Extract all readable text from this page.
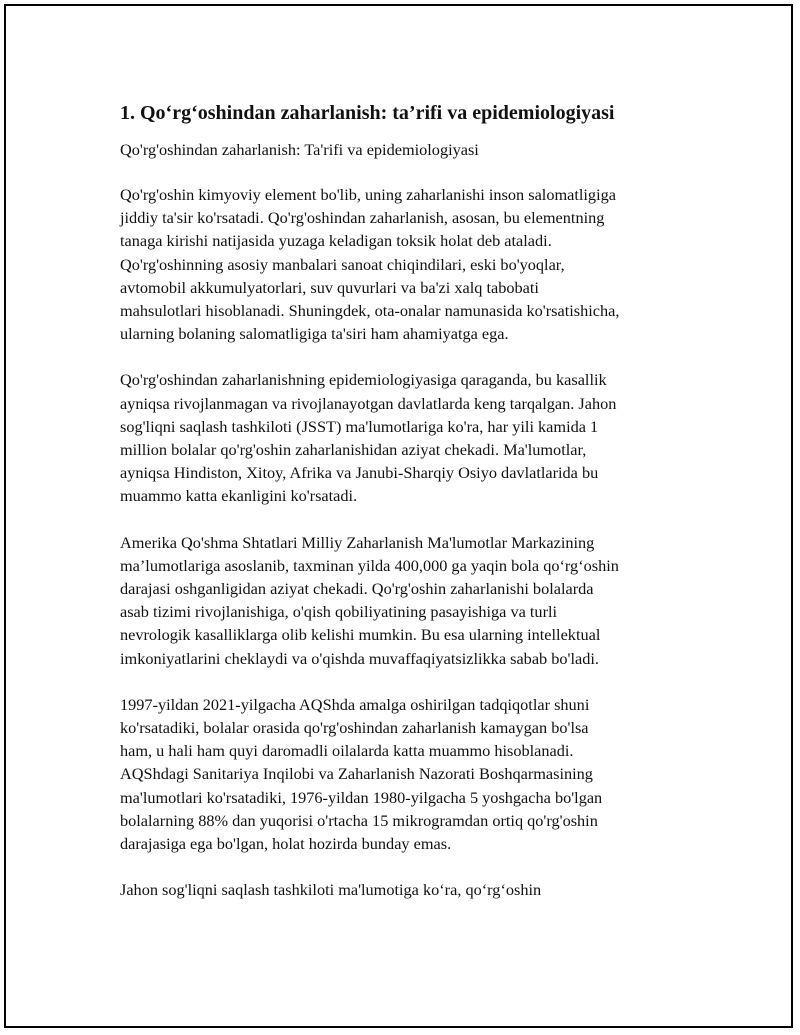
1. Qo‘rg‘oshindan zaharlanish: ta’rifi va epidemiologiyasi

Qo'rg'oshindan zaharlanish: Ta'rifi va epidemiologiyasi

Qo'rg'oshin kimyoviy element bo'lib, uning zaharlanishi inson salomatligiga
jiddiy ta'sir ko'rsatadi. Qo'rg'oshindan zaharlanish, asosan, bu elementning
tanaga kirishi natijasida yuzaga keladigan toksik holat deb ataladi.
Qo'rg'oshinning asosiy manbalari sanoat chiqindilari, eski bo'yoqlar,
avtomobil akkumulyatorlari, suv quvurlari va ba'zi xalq tabobati
mahsulotlari hisoblanadi. Shuningdek, ota-onalar namunasida ko'rsatishicha,
ularning bolaning salomatligiga ta'siri ham ahamiyatga ega.

Qo'rg'oshindan zaharlanishning epidemiologiyasiga qaraganda, bu kasallik
ayniqsa rivojlanmagan va rivojlanayotgan davlatlarda keng tarqalgan. Jahon
sog'liqni saqlash tashkiloti (JSST) ma'lumotlariga ko'ra, har yili kamida 1
million bolalar qo'rg'oshin zaharlanishidan aziyat chekadi. Ma'lumotlar,
ayniqsa Hindiston, Xitoy, Afrika va Janubi-Sharqiy Osiyo davlatlarida bu
muammo katta ekanligini ko'rsatadi.

Amerika Qo'shma Shtatlari Milliy Zaharlanish Ma'lumotlar Markazining
ma’lumotlariga asoslanib, taxminan yilda 400,000 ga yaqin bola qo‘rg‘oshin
darajasi oshganligidan aziyat chekadi. Qo'rg'oshin zaharlanishi bolalarda
asab tizimi rivojlanishiga, o'qish qobiliyatining pasayishiga va turli
nevrologik kasalliklarga olib kelishi mumkin. Bu esa ularning intellektual
imkoniyatlarini cheklaydi va o'qishda muvaffaqiyatsizlikka sabab bo'ladi.

1997-yildan 2021-yilgacha AQShda amalga oshirilgan tadqiqotlar shuni
ko'rsatadiki, bolalar orasida qo'rg'oshindan zaharlanish kamaygan bo'lsa
ham, u hali ham quyi daromadli oilalarda katta muammo hisoblanadi.
AQShdagi Sanitariya Inqilobi va Zaharlanish Nazorati Boshqarmasining
ma'lumotlari ko'rsatadiki, 1976-yildan 1980-yilgacha 5 yoshgacha bo'lgan
bolalarning 88% dan yuqorisi o'rtacha 15 mikrogramdan ortiq qo'rg'oshin
darajasiga ega bo'lgan, holat hozirda bunday emas.

Jahon sog'liqni saqlash tashkiloti ma'lumotiga ko‘ra, qo‘rg‘oshin
